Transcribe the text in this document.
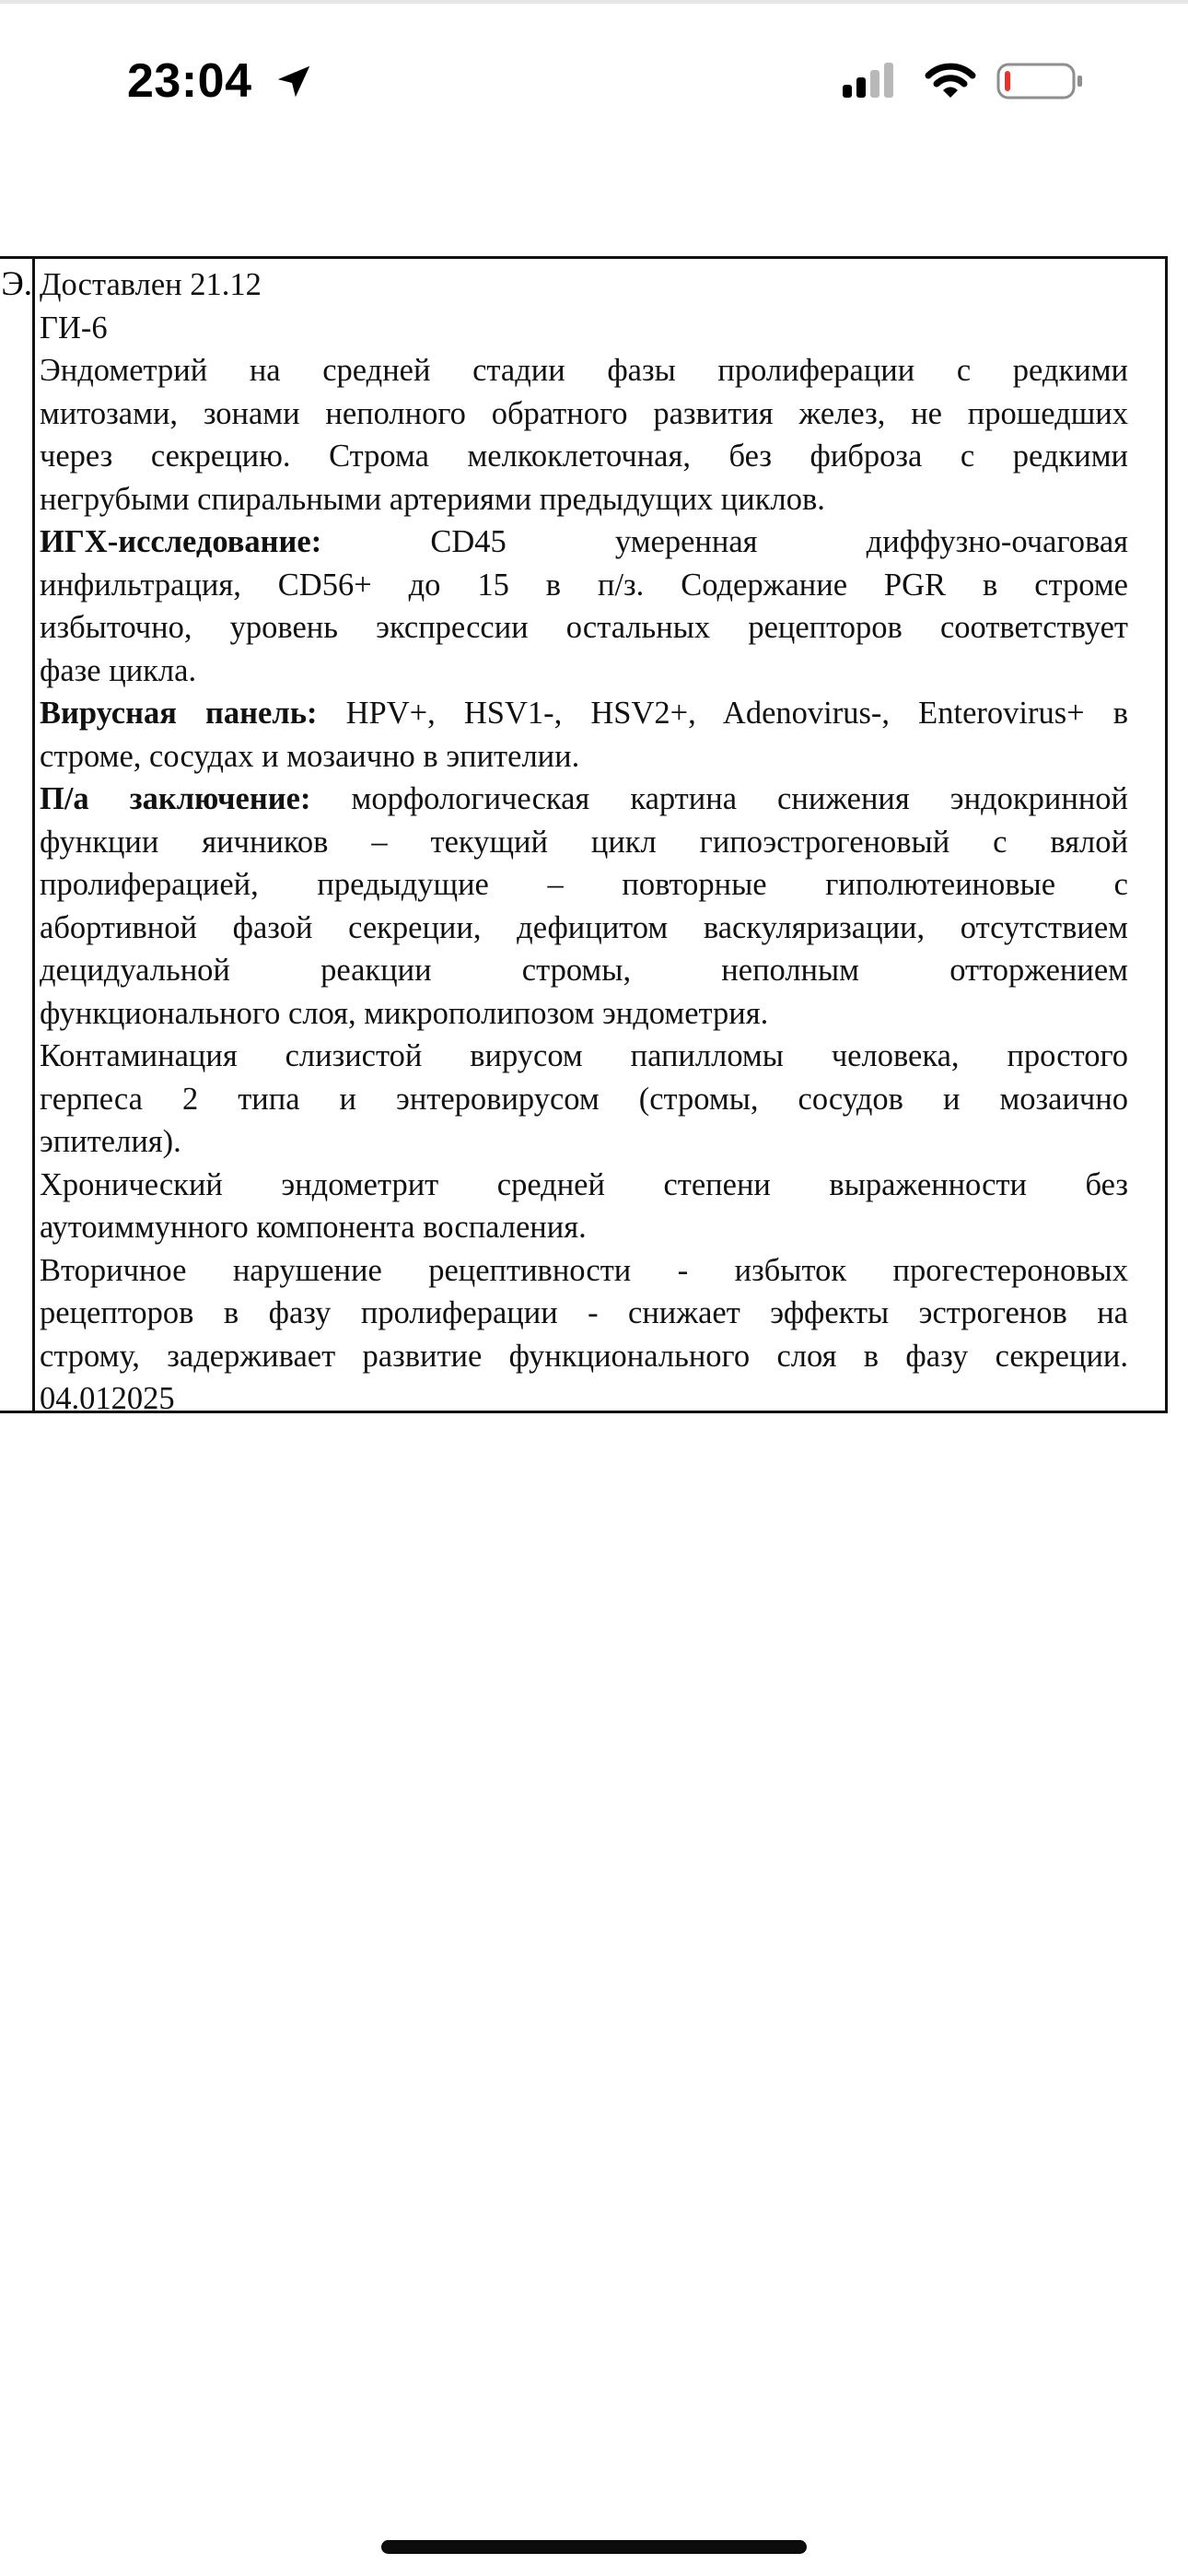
23:04
Э. Доставлен 21.12
ГИ-6
Эндометрий на средней стадии фазы пролиферации с редкими
митозами, зонами неполного обратного развития желез, не прошедших
через секрецию. Строма мелкоклеточная, без фиброза с редкими
негрубыми спиральными артериями предыдущих циклов.
ИГХ-исследование:	CD45 умеренная диффузно-очаговая
инфильтрация, CD56+ до 15 в п/з. Содержание PGR в строме
избыточно, уровень экспрессии остальных рецепторов соответствует
фазе цикла.
Вирусная панель: HPV+, HSV1-, HSV2+, Adenovirus-, Enterovirus+ в
строме, сосудах и мозаично в эпителии.
П/а заключение: морфологическая картина снижения эндокринной
функции яичников – текущий цикл гипоэстрогеновый с вялой
пролиферацией, предыдущие – повторные гиполютеиновые с
абортивной фазой секреции, дефицитом васкуляризации, отсутствием
децидуальной реакции стромы, неполным отторжением
функционального слоя, микрополипозом эндометрия.
Контаминация слизистой вирусом папилломы человека, простого
герпеса 2 типа и энтеровирусом (стромы, сосудов и мозаично
эпителия).
Хронический эндометрит средней степени выраженности без
аутоиммунного компонента воспаления.
Вторичное нарушение рецептивности - избыток прогестероновых
рецепторов в фазу пролиферации - снижает эффекты эстрогенов на
строму, задерживает развитие функционального слоя в фазу секреции.
04.012025
